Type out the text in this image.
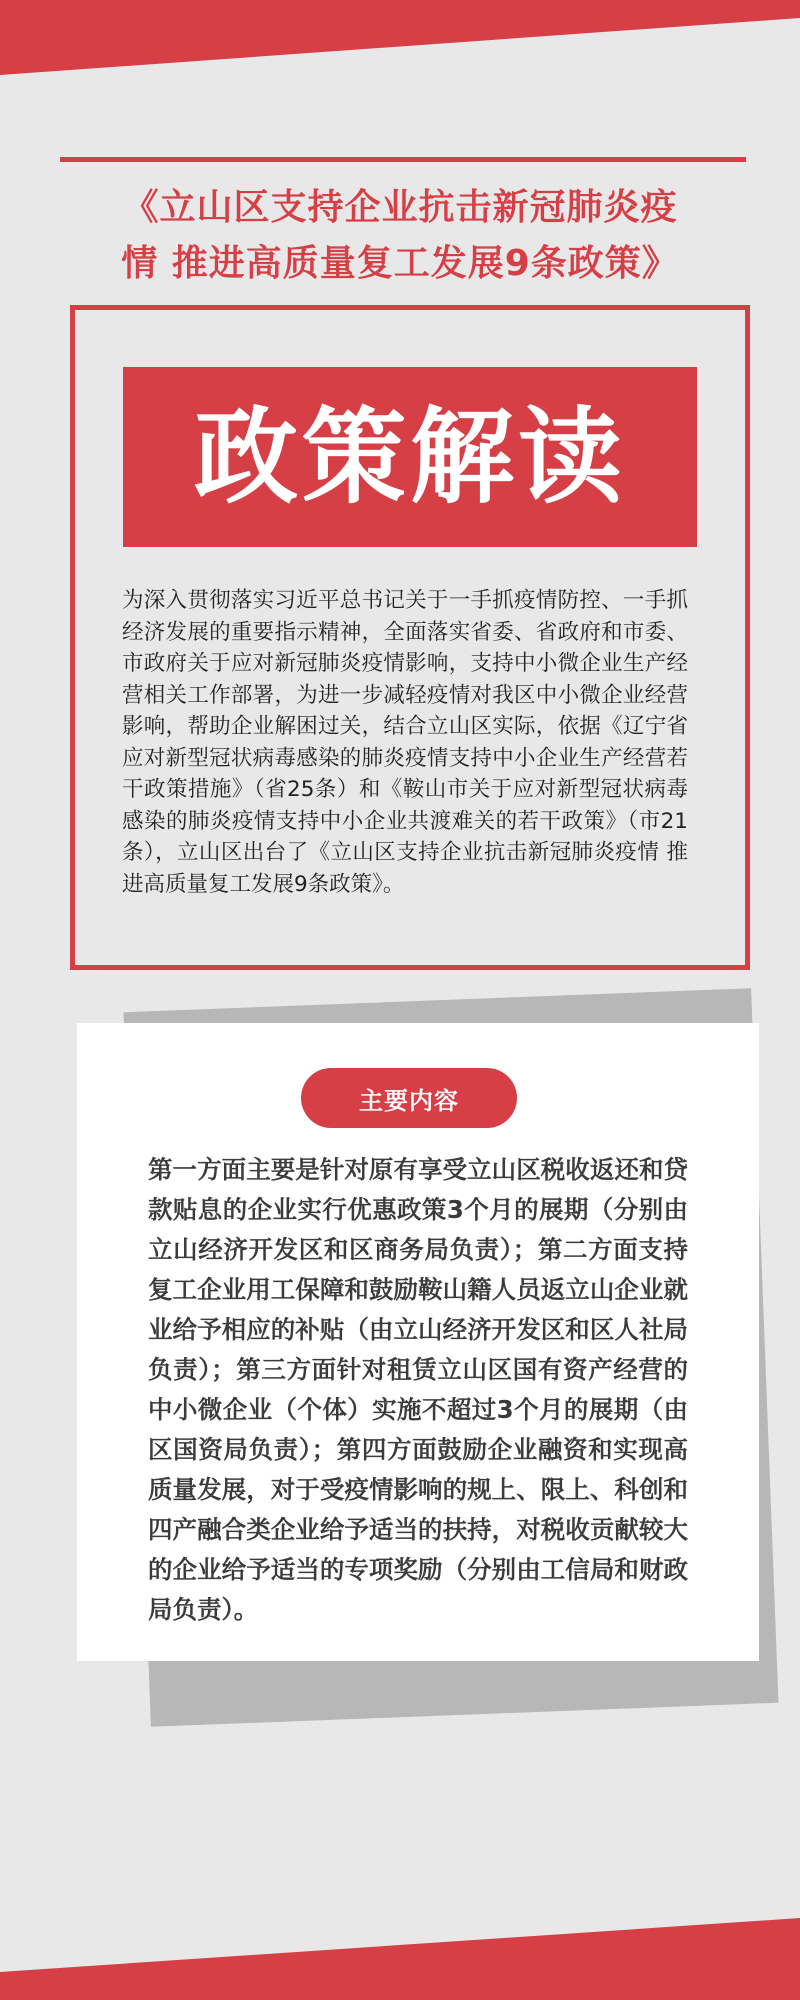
《立山区支持企业抗击新冠肺炎疫
情 推进高质量复工发展9条政策》
政策解读

为深入贯彻落实习近平总书记关于一手抓疫情防控、一手抓经济发展的重要指示精神，全面落实省委、省政府和市委、市政府关于应对新冠肺炎疫情影响，支持中小微企业生产经营相关工作部署，为进一步减轻疫情对我区中小微企业经营影响，帮助企业解困过关，结合立山区实际，依据《辽宁省应对新型冠状病毒感染的肺炎疫情支持中小企业生产经营若干政策措施》（省25条）和《鞍山市关于应对新型冠状病毒感染的肺炎疫情支持中小企业共渡难关的若干政策》（市21条），立山区出台了《立山区支持企业抗击新冠肺炎疫情 推进高质量复工发展9条政策》。

主要内容

第一方面主要是针对原有享受立山区税收返还和贷款贴息的企业实行优惠政策3个月的展期（分别由立山经济开发区和区商务局负责）；第二方面支持复工企业用工保障和鼓励鞍山籍人员返立山企业就业给予相应的补贴（由立山经济开发区和区人社局负责）；第三方面针对租赁立山区国有资产经营的中小微企业（个体）实施不超过3个月的展期（由区国资局负责）；第四方面鼓励企业融资和实现高质量发展，对于受疫情影响的规上、限上、科创和四产融合类企业给予适当的扶持，对税收贡献较大的企业给予适当的专项奖励（分别由工信局和财政局负责）。
